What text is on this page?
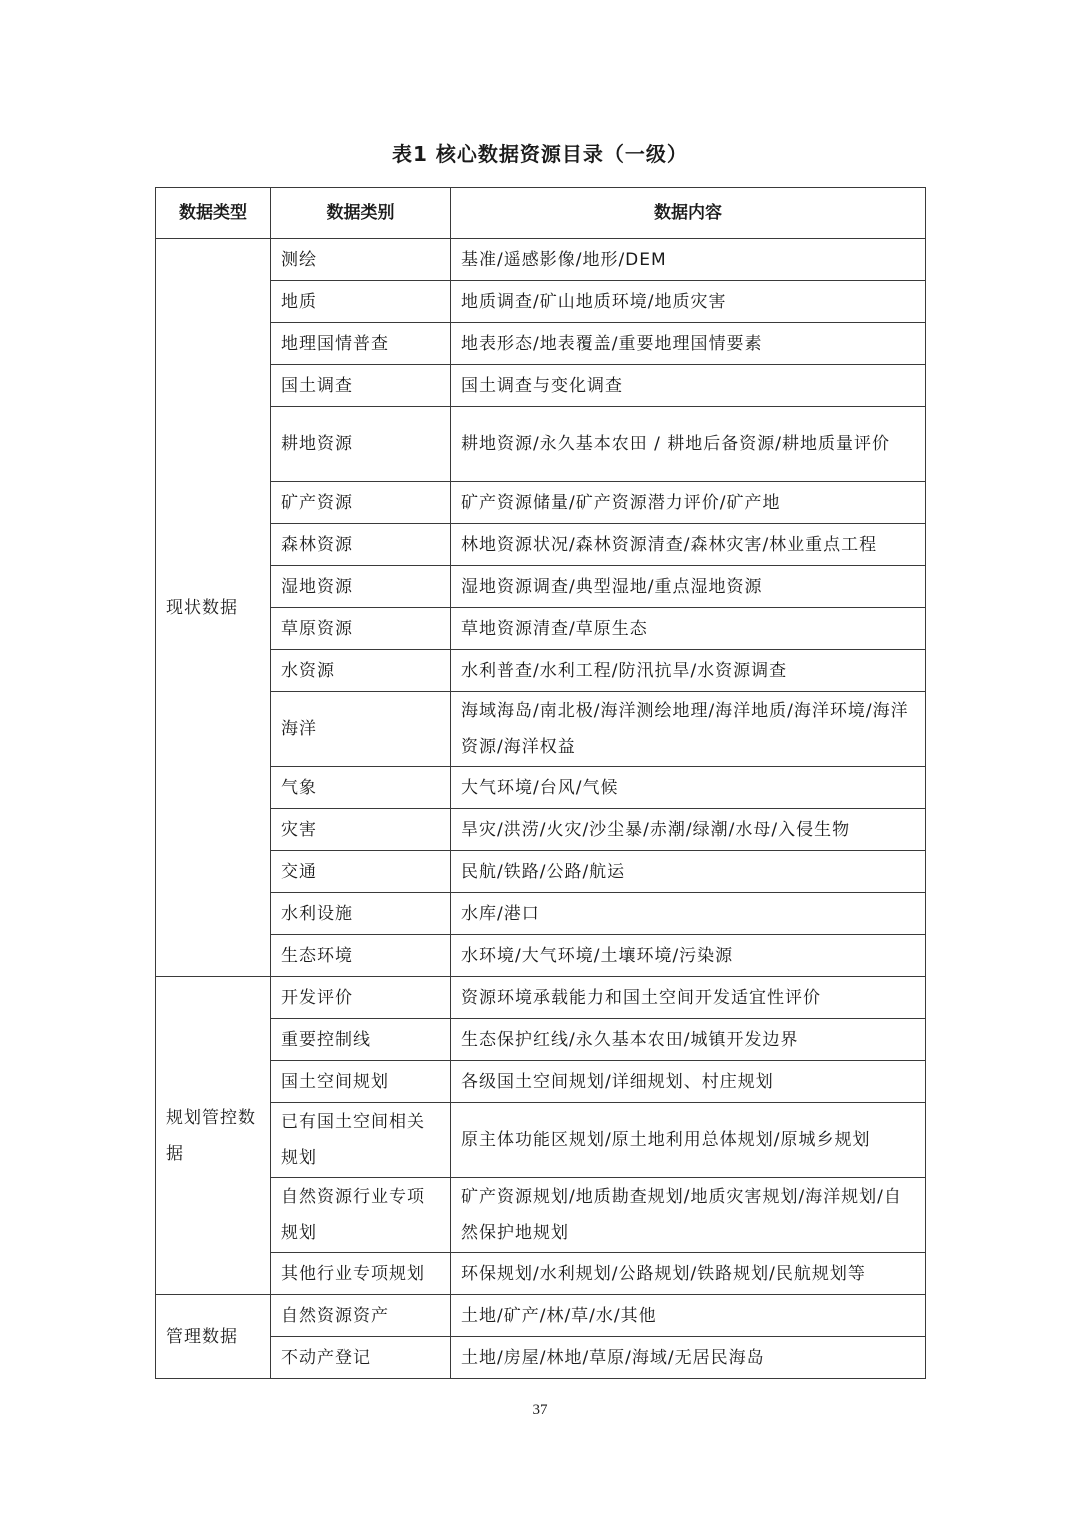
表1 核心数据资源目录（一级）
数据类型	数据类别	数据内容
现状数据	测绘	基准/遥感影像/地形/DEM
	地质	地质调查/矿山地质环境/地质灾害
	地理国情普查	地表形态/地表覆盖/重要地理国情要素
	国土调查	国土调查与变化调查
	耕地资源	耕地资源/永久基本农田 / 耕地后备资源/耕地质量评价
	矿产资源	矿产资源储量/矿产资源潜力评价/矿产地
	森林资源	林地资源状况/森林资源清查/森林灾害/林业重点工程
	湿地资源	湿地资源调查/典型湿地/重点湿地资源
	草原资源	草地资源清查/草原生态
	水资源	水利普查/水利工程/防汛抗旱/水资源调查
	海洋	海域海岛/南北极/海洋测绘地理/海洋地质/海洋环境/海洋资源/海洋权益
	气象	大气环境/台风/气候
	灾害	旱灾/洪涝/火灾/沙尘暴/赤潮/绿潮/水母/入侵生物
	交通	民航/铁路/公路/航运
	水利设施	水库/港口
	生态环境	水环境/大气环境/土壤环境/污染源
规划管控数据	开发评价	资源环境承载能力和国土空间开发适宜性评价
	重要控制线	生态保护红线/永久基本农田/城镇开发边界
	国土空间规划	各级国土空间规划/详细规划、村庄规划
	已有国土空间相关规划	原主体功能区规划/原土地利用总体规划/原城乡规划
	自然资源行业专项规划	矿产资源规划/地质勘查规划/地质灾害规划/海洋规划/自然保护地规划
	其他行业专项规划	环保规划/水利规划/公路规划/铁路规划/民航规划等
管理数据	自然资源资产	土地/矿产/林/草/水/其他
	不动产登记	土地/房屋/林地/草原/海域/无居民海岛
37
